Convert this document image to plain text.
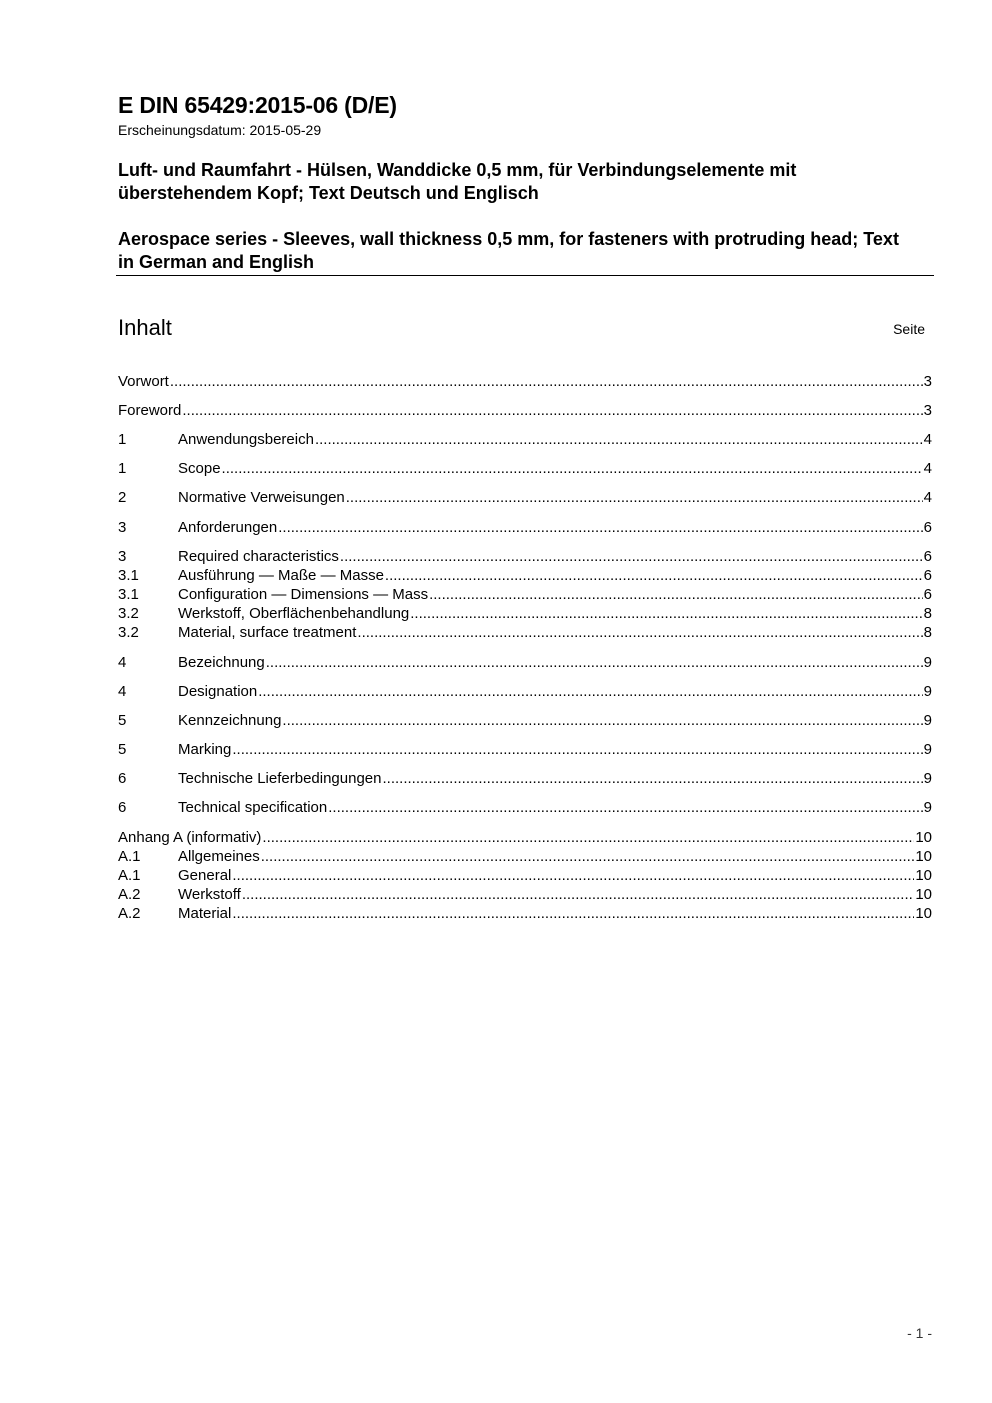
E DIN 65429:2015-06 (D/E)
Erscheinungsdatum: 2015-05-29
Luft- und Raumfahrt - Hülsen, Wanddicke 0,5 mm, für Verbindungselemente mit überstehendem Kopf; Text Deutsch und Englisch
Aerospace series - Sleeves, wall thickness 0,5 mm, for fasteners with protruding head; Text in German and English
Inhalt	Seite
Vorwort .....	3
Foreword .....	3
1	Anwendungsbereich .....	4
1	Scope .....	4
2	Normative Verweisungen .....	4
3	Anforderungen .....	6
3	Required characteristics .....	6
3.1	Ausführung — Maße — Masse .....	6
3.1	Configuration — Dimensions — Mass .....	6
3.2	Werkstoff, Oberflächenbehandlung .....	8
3.2	Material, surface treatment .....	8
4	Bezeichnung .....	9
4	Designation .....	9
5	Kennzeichnung .....	9
5	Marking .....	9
6	Technische Lieferbedingungen .....	9
6	Technical specification .....	9
Anhang A (informativ) .....	10
A.1	Allgemeines .....	10
A.1	General .....	10
A.2	Werkstoff .....	10
A.2	Material .....	10
- 1 -
